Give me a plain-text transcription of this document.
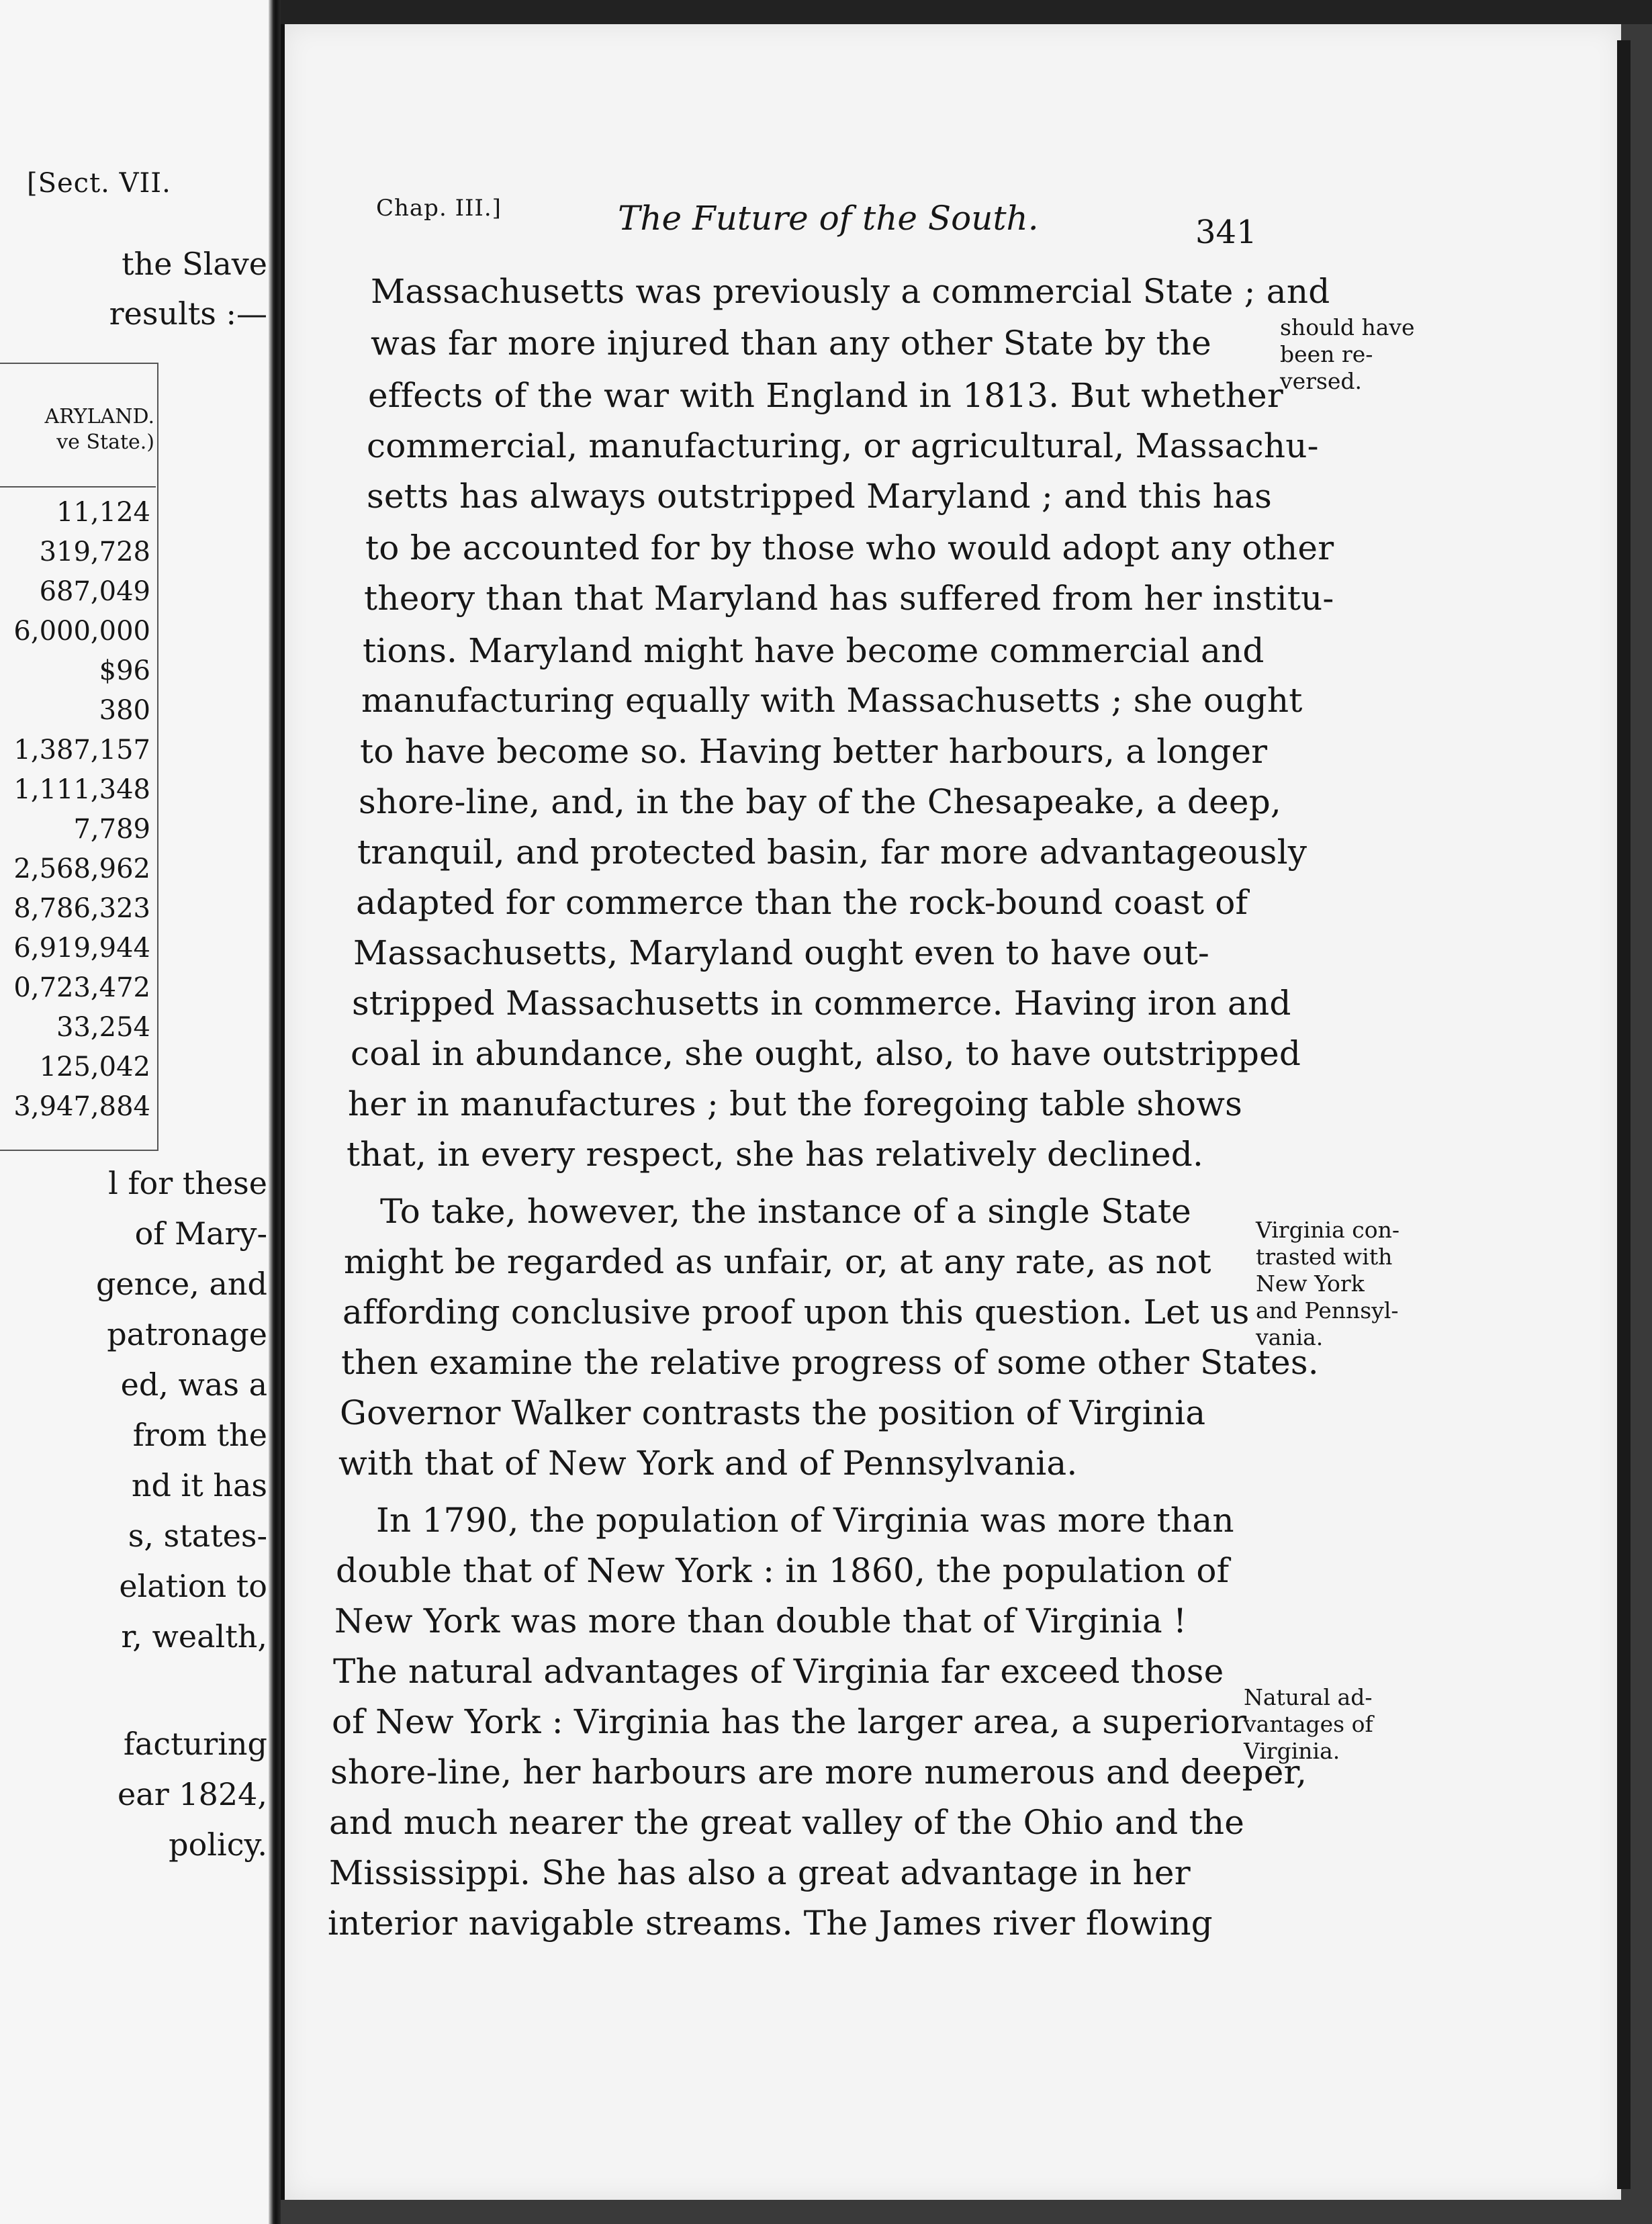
[Sect. VII.
the Slave
results :—
ARYLAND.
ve State.)
11,124
319,728
687,049
6,000,000
$96
380
1,387,157
1,111,348
7,789
2,568,962
8,786,323
6,919,944
0,723,472
33,254
125,042
3,947,884
l for these
of Mary-
gence, and
patronage
ed, was a
from the
nd it has
s, states-
elation to
r, wealth,
facturing
ear 1824,
policy.
Chap. III.]	The Future of the South.	341
Massachusetts was previously a commercial State ; and
was far more injured than any other State by the
effects of the war with England in 1813. But whether
commercial, manufacturing, or agricultural, Massachu-
setts has always outstripped Maryland ; and this has
to be accounted for by those who would adopt any other
theory than that Maryland has suffered from her institu-
tions. Maryland might have become commercial and
manufacturing equally with Massachusetts ; she ought
to have become so. Having better harbours, a longer
shore-line, and, in the bay of the Chesapeake, a deep,
tranquil, and protected basin, far more advantageously
adapted for commerce than the rock-bound coast of
Massachusetts, Maryland ought even to have out-
stripped Massachusetts in commerce. Having iron and
coal in abundance, she ought, also, to have outstripped
her in manufactures ; but the foregoing table shows
that, in every respect, she has relatively declined.
To take, however, the instance of a single State
might be regarded as unfair, or, at any rate, as not
affording conclusive proof upon this question. Let us
then examine the relative progress of some other States.
Governor Walker contrasts the position of Virginia
with that of New York and of Pennsylvania.
In 1790, the population of Virginia was more than
double that of New York : in 1860, the population of
New York was more than double that of Virginia !
The natural advantages of Virginia far exceed those
of New York : Virginia has the larger area, a superior
shore-line, her harbours are more numerous and deeper,
and much nearer the great valley of the Ohio and the
Mississippi. She has also a great advantage in her
interior navigable streams. The James river flowing
should have
been re-
versed.
Virginia con-
trasted with
New York
and Pennsyl-
vania.
Natural ad-
vantages of
Virginia.
